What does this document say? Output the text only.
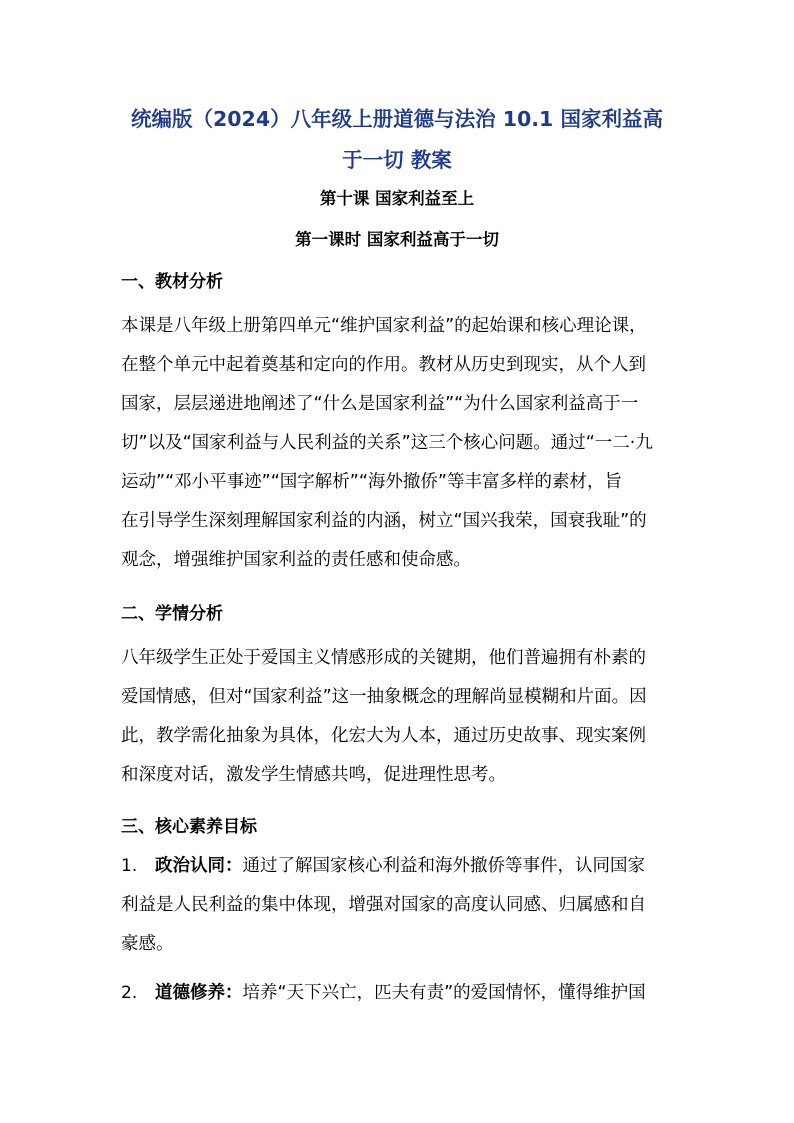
统编版（2024）八年级上册道德与法治 10.1 国家利益高
于一切 教案
第十课 国家利益至上
第一课时 国家利益高于一切
一、教材分析
本课是八年级上册第四单元“维护国家利益”的起始课和核心理论课，
在整个单元中起着奠基和定向的作用。教材从历史到现实，从个人到
国家，层层递进地阐述了“什么是国家利益”“为什么国家利益高于一
切”以及“国家利益与人民利益的关系”这三个核心问题。通过“一二·九
运动”“邓小平事迹”“国字解析”“海外撤侨”等丰富多样的素材，旨
在引导学生深刻理解国家利益的内涵，树立“国兴我荣，国衰我耻”的
观念，增强维护国家利益的责任感和使命感。
二、学情分析
八年级学生正处于爱国主义情感形成的关键期，他们普遍拥有朴素的
爱国情感，但对“国家利益”这一抽象概念的理解尚显模糊和片面。因
此，教学需化抽象为具体，化宏大为人本，通过历史故事、现实案例
和深度对话，激发学生情感共鸣，促进理性思考。
三、核心素养目标
1. 政治认同：通过了解国家核心利益和海外撤侨等事件，认同国家
利益是人民利益的集中体现，增强对国家的高度认同感、归属感和自
豪感。
2. 道德修养：培养“天下兴亡，匹夫有责”的爱国情怀，懂得维护国
